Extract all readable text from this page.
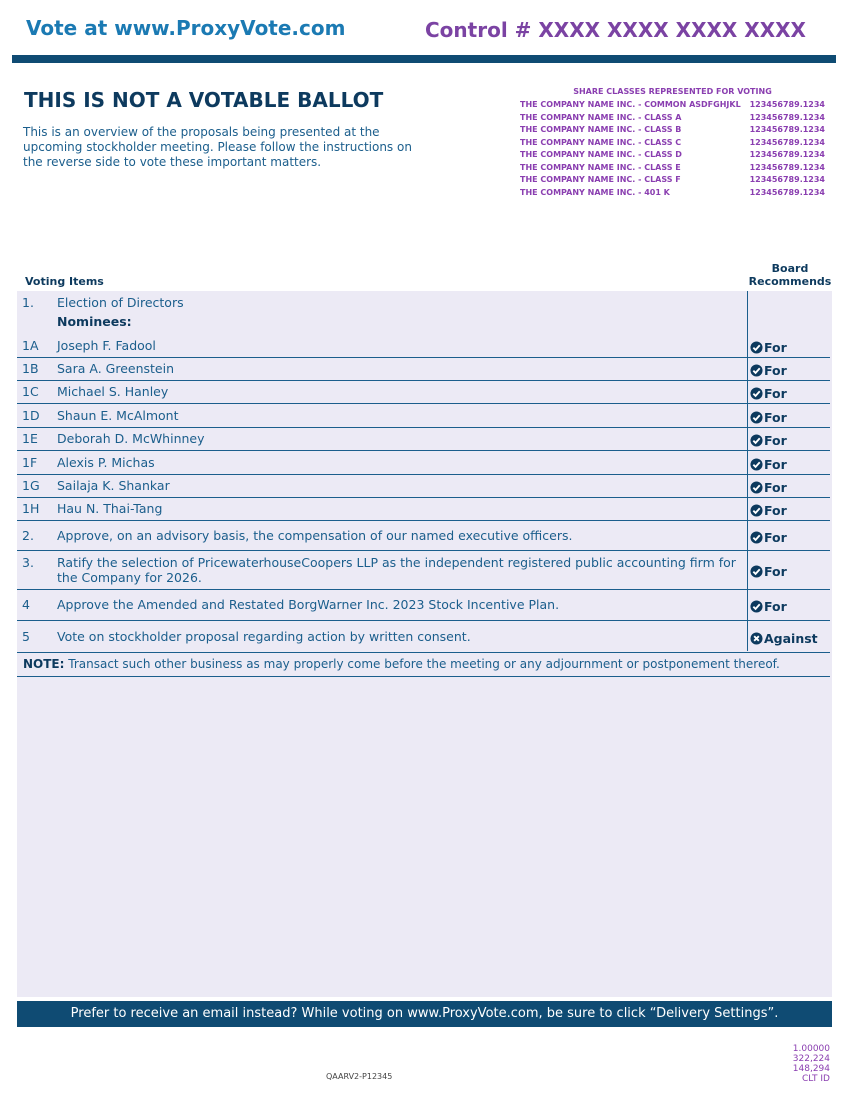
Vote at www.ProxyVote.com	Control # XXXX XXXX XXXX XXXX
THIS IS NOT A VOTABLE BALLOT
This is an overview of the proposals being presented at the upcoming stockholder meeting. Please follow the instructions on the reverse side to vote these important matters.
SHARE CLASSES REPRESENTED FOR VOTING
THE COMPANY NAME INC. - COMMON ASDFGHJKL 123456789.1234
THE COMPANY NAME INC. - CLASS A	123456789.1234
THE COMPANY NAME INC. - CLASS B	123456789.1234
THE COMPANY NAME INC. - CLASS C	123456789.1234
THE COMPANY NAME INC. - CLASS D	123456789.1234
THE COMPANY NAME INC. - CLASS E	123456789.1234
THE COMPANY NAME INC. - CLASS F	123456789.1234
THE COMPANY NAME INC. - 401 K	123456789.1234
Voting Items
Board Recommends
1. Election of Directors
Nominees:
1A Joseph F. Fadool	For
1B Sara A. Greenstein	For
1C Michael S. Hanley	For
1D Shaun E. McAlmont	For
1E Deborah D. McWhinney	For
1F Alexis P. Michas	For
1G Sailaja K. Shankar	For
1H Hau N. Thai-Tang	For
2. Approve, on an advisory basis, the compensation of our named executive officers.	For
3. Ratify the selection of PricewaterhouseCoopers LLP as the independent registered public accounting firm for the Company for 2026.	For
4 Approve the Amended and Restated BorgWarner Inc. 2023 Stock Incentive Plan.	For
5 Vote on stockholder proposal regarding action by written consent.	Against
NOTE: Transact such other business as may properly come before the meeting or any adjournment or postponement thereof.
Prefer to receive an email instead? While voting on www.ProxyVote.com, be sure to click “Delivery Settings”.
QAARV2-P12345
1.00000
322,224
148,294
CLT ID
